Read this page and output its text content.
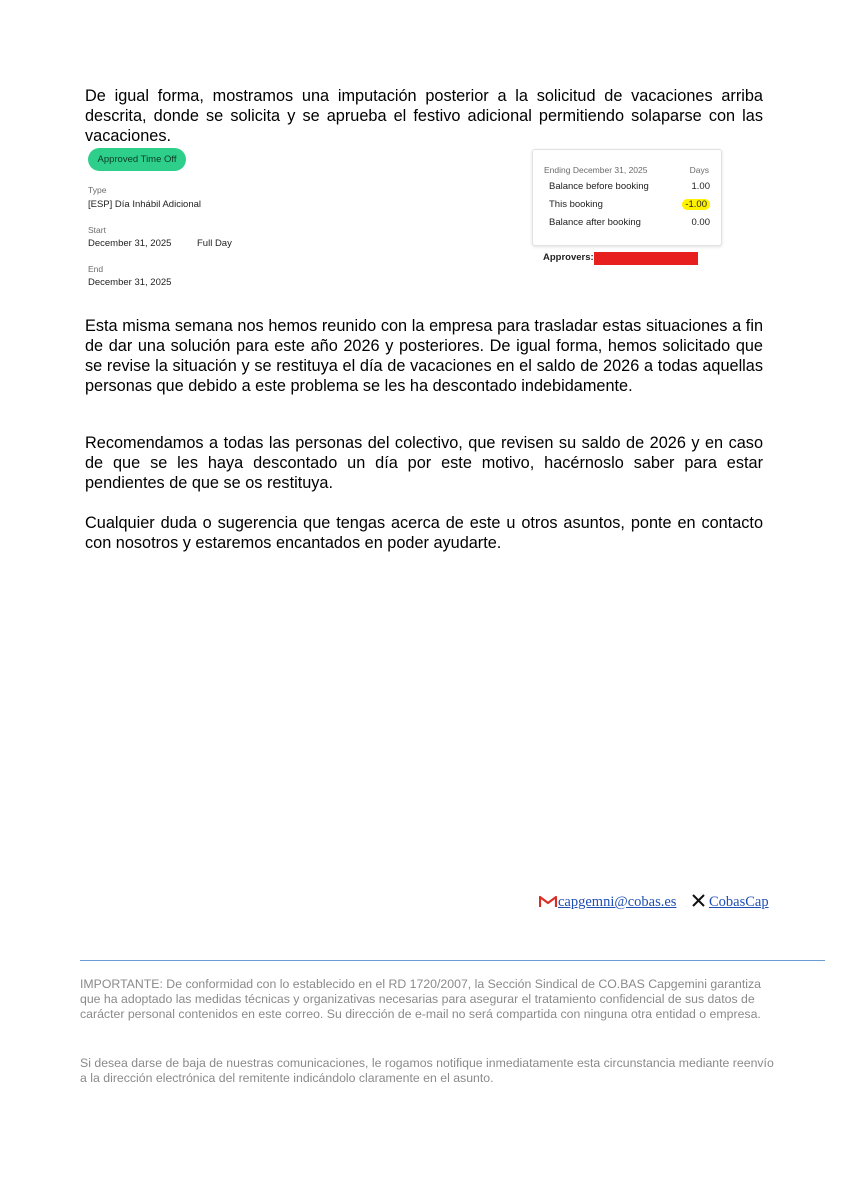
De igual forma, mostramos una imputación posterior a la solicitud de vacaciones arriba descrita, donde se solicita y se aprueba el festivo adicional permitiendo solaparse con las vacaciones.

Approved Time Off
Type
[ESP] Día Inhábil Adicional
Start
December 31, 2025	Full Day
End
December 31, 2025
Ending December 31, 2025	Days
Balance before booking	1.00
This booking	-1.00
Balance after booking	0.00
Approvers:

Esta misma semana nos hemos reunido con la empresa para trasladar estas situaciones a fin de dar una solución para este año 2026 y posteriores. De igual forma, hemos solicitado que se revise la situación y se restituya el día de vacaciones en el saldo de 2026 a todas aquellas personas que debido a este problema se les ha descontado indebidamente.

Recomendamos a todas las personas del colectivo, que revisen su saldo de 2026 y en caso de que se les haya descontado un día por este motivo, hacérnoslo saber para estar pendientes de que se os restituya.

Cualquier duda o sugerencia que tengas acerca de este u otros asuntos, ponte en contacto con nosotros y estaremos encantados en poder ayudarte.

capgemni@cobas.es CobasCap

IMPORTANTE: De conformidad con lo establecido en el RD 1720/2007, la Sección Sindical de CO.BAS Capgemini garantiza que ha adoptado las medidas técnicas y organizativas necesarias para asegurar el tratamiento confidencial de sus datos de carácter personal contenidos en este correo. Su dirección de e-mail no será compartida con ninguna otra entidad o empresa.

Si desea darse de baja de nuestras comunicaciones, le rogamos notifique inmediatamente esta circunstancia mediante reenvío a la dirección electrónica del remitente indicándolo claramente en el asunto.
